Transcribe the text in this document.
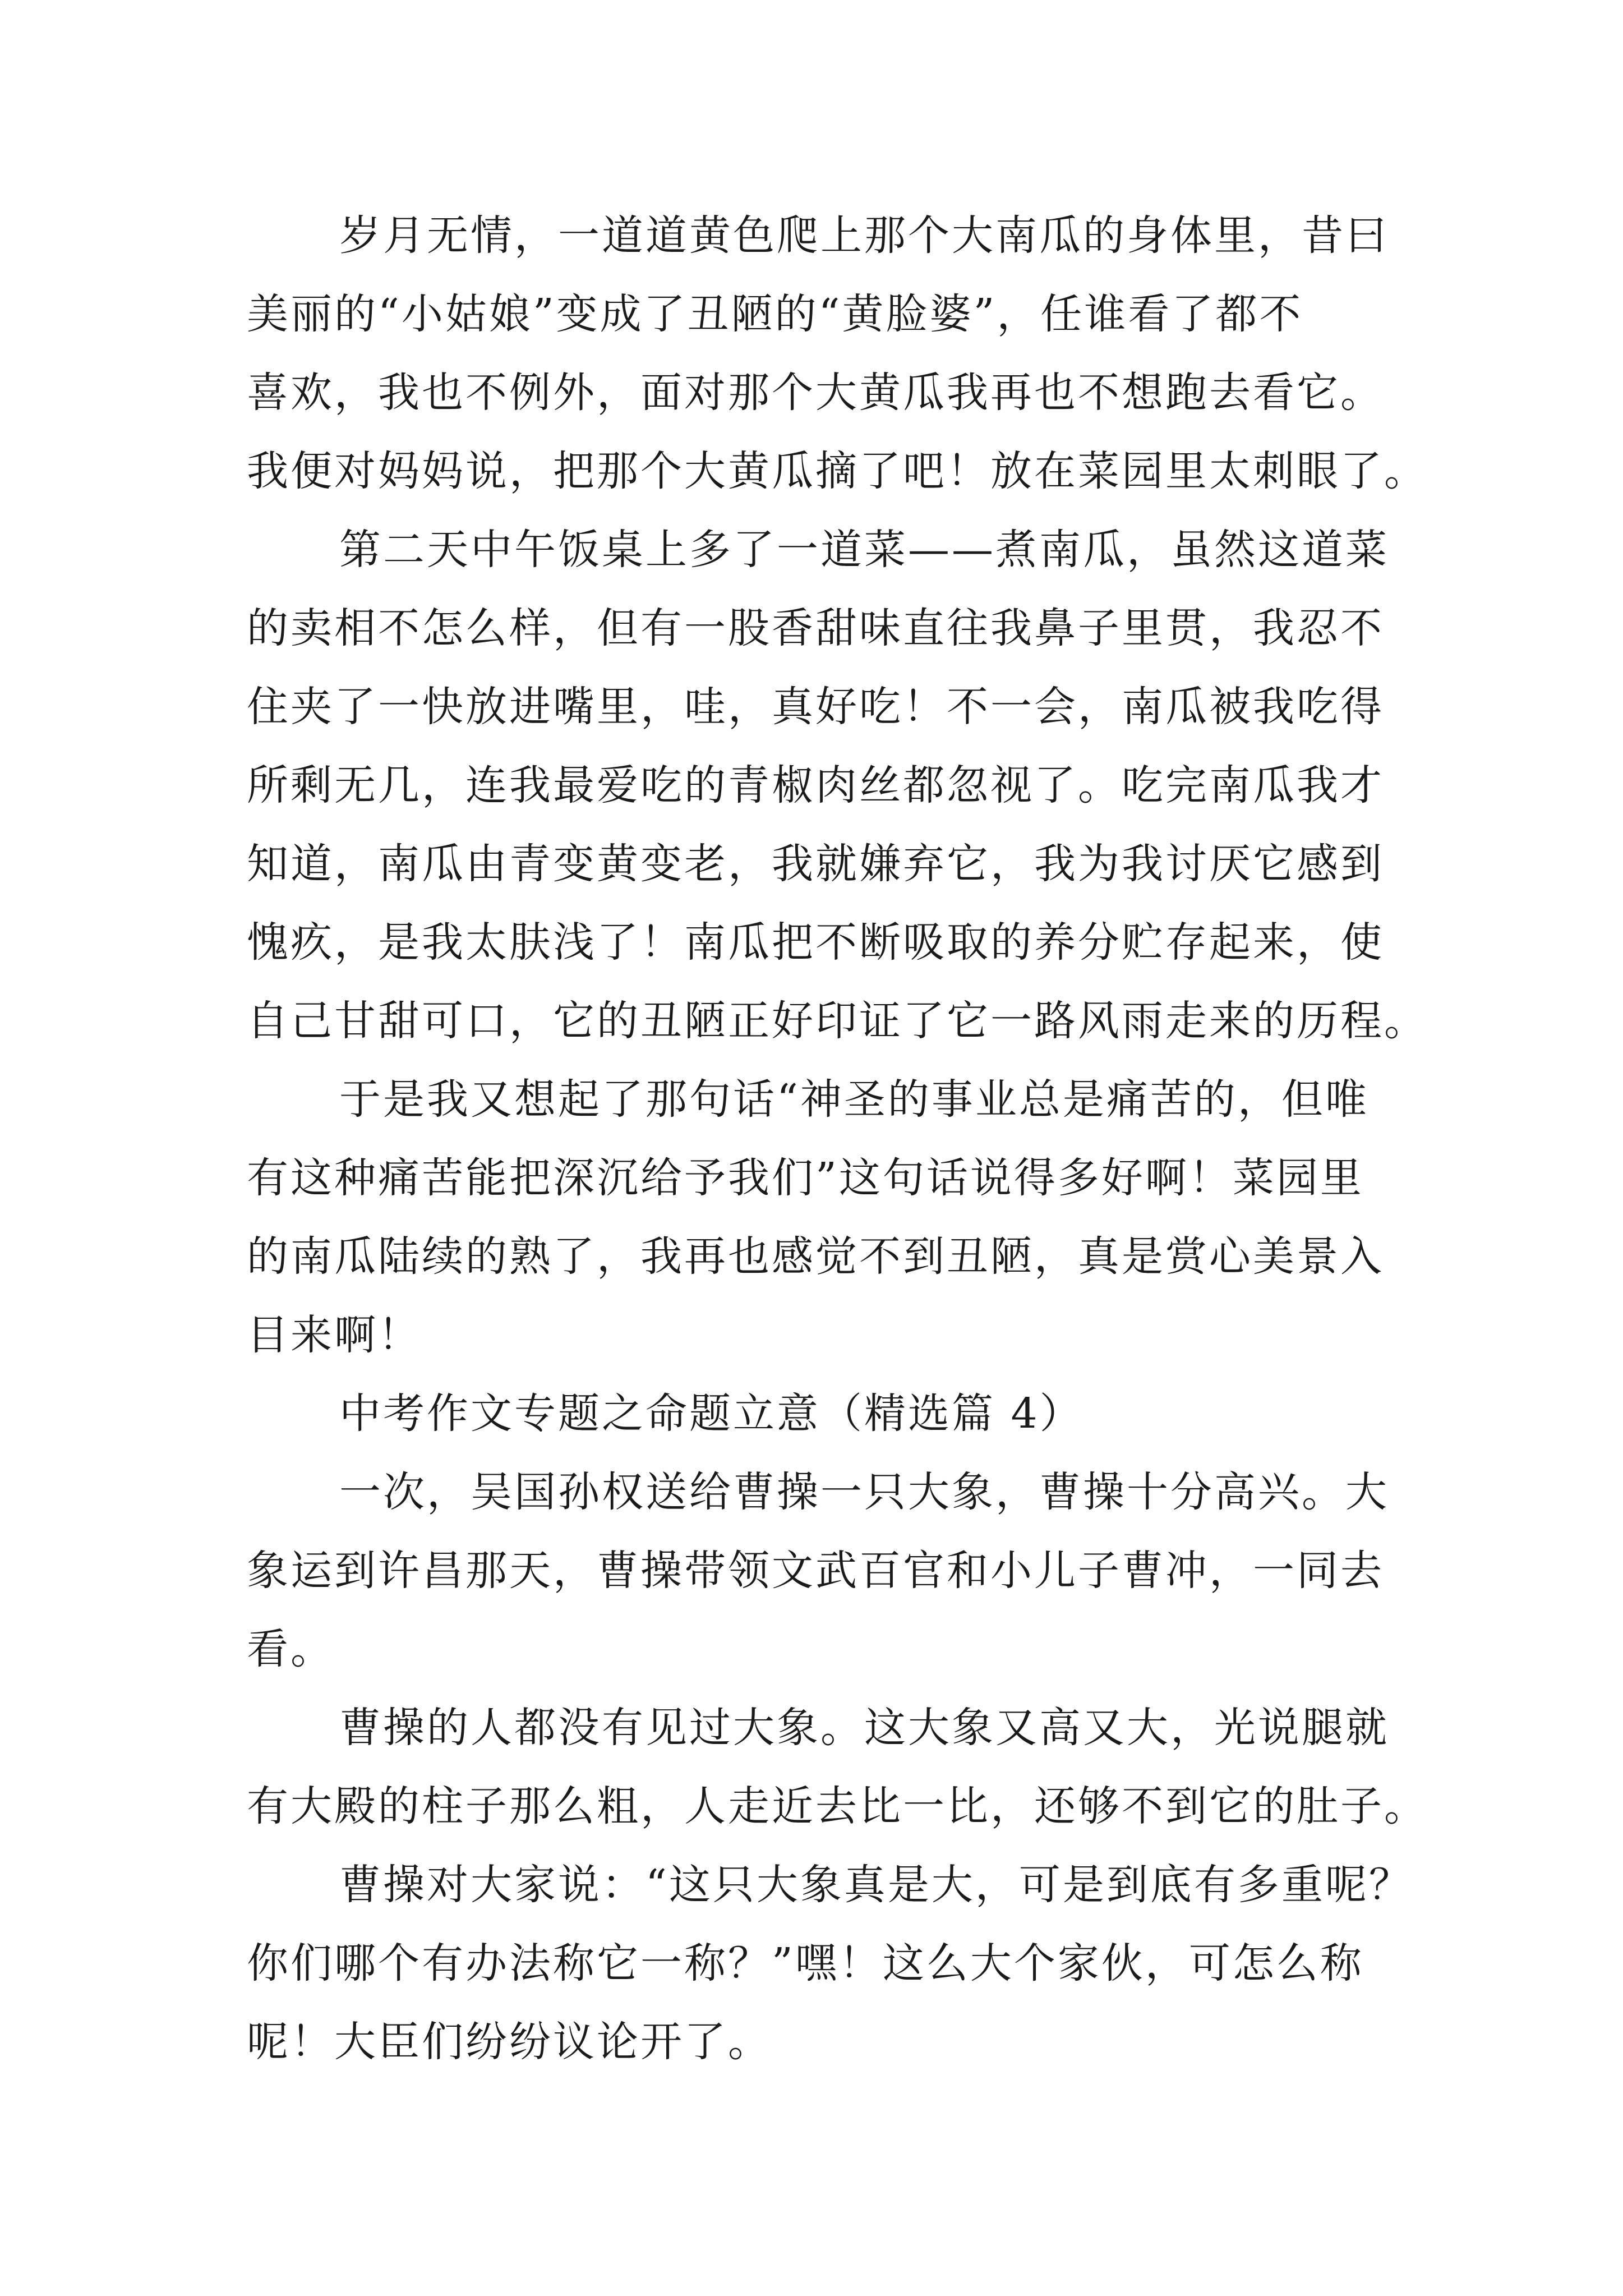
岁月无情，一道道黄色爬上那个大南瓜的身体里，昔曰
美丽的“小姑娘”变成了丑陋的“黄脸婆”，任谁看了都不
喜欢，我也不例外，面对那个大黄瓜我再也不想跑去看它。
我便对妈妈说，把那个大黄瓜摘了吧！放在菜园里太刺眼了。
第二天中午饭桌上多了一道菜——煮南瓜，虽然这道菜
的卖相不怎么样，但有一股香甜味直往我鼻子里贯，我忍不
住夹了一快放进嘴里，哇，真好吃！不一会，南瓜被我吃得
所剩无几，连我最爱吃的青椒肉丝都忽视了。吃完南瓜我才
知道，南瓜由青变黄变老，我就嫌弃它，我为我讨厌它感到
愧疚，是我太肤浅了！南瓜把不断吸取的养分贮存起来，使
自己甘甜可口，它的丑陋正好印证了它一路风雨走来的历程。
于是我又想起了那句话“神圣的事业总是痛苦的，但唯
有这种痛苦能把深沉给予我们”这句话说得多好啊！菜园里
的南瓜陆续的熟了，我再也感觉不到丑陋，真是赏心美景入
目来啊！
中考作文专题之命题立意（精选篇 4）
一次，吴国孙权送给曹操一只大象，曹操十分高兴。大
象运到许昌那天，曹操带领文武百官和小儿子曹冲，一同去
看。
曹操的人都没有见过大象。这大象又高又大，光说腿就
有大殿的柱子那么粗，人走近去比一比，还够不到它的肚子。
曹操对大家说：“这只大象真是大，可是到底有多重呢？
你们哪个有办法称它一称？”嘿！这么大个家伙，可怎么称
呢！大臣们纷纷议论开了。
